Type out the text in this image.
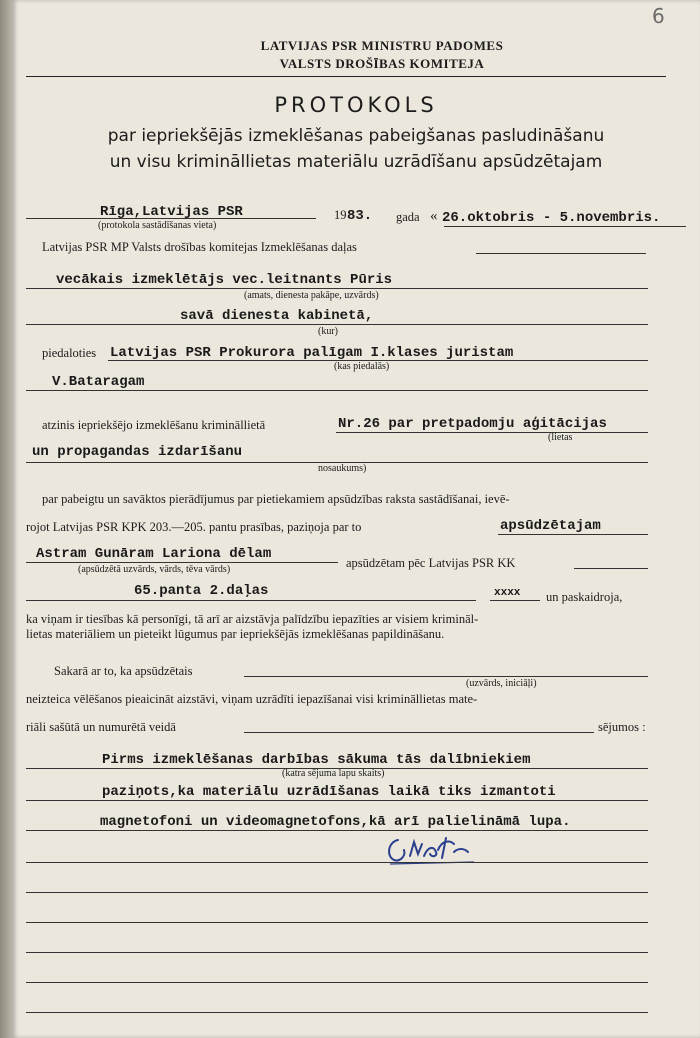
6
LATVIJAS PSR MINISTRU PADOMES
VALSTS DROŠĪBAS KOMITEJA
PROTOKOLS
par iepriekšējās izmeklēšanas pabeigšanas pasludināšanu
un visu krimināllietas materiālu uzrādīšanu apsūdzētajam
Rīga,Latvijas PSR
(protokola sastādīšanas vieta)
19 83. gada « 26.oktobris - 5.novembris.
Latvijas PSR MP Valsts drošības komitejas Izmeklēšanas daļas
vecākais izmeklētājs vec.leitnants Pūris
(amats, dienesta pakāpe, uzvārds)
savā dienesta kabinetā,
(kur)
piedaloties Latvijas PSR Prokurora palīgam I.klases juristam
(kas piedalās)
V.Bataragam
atzinis iepriekšējo izmeklēšanu krimināllietā	Nr.26 par pretpadomju aģitācijas
(lietas
un propagandas izdarīšanu
nosaukums)
par pabeigtu un savāktos pierādījumus par pietiekamiem apsūdzības raksta sastādīšanai, ievē-
rojot Latvijas PSR KPK 203.—205. pantu prasības, paziņoja par to	apsūdzētajam
Astram Gunāram Lariona dēlam
(apsūdzētā uzvārds, vārds, tēva vārds)	apsūdzētam pēc Latvijas PSR KK
65.panta 2.daļas	xxxx un paskaidroja,
ka viņam ir tiesības kā personīgi, tā arī ar aizstāvja palīdzību iepazīties ar visiem krimināl-
lietas materiāliem un pieteikt lūgumus par iepriekšējās izmeklēšanas papildināšanu.
Sakarā ar to, ka apsūdzētais
(uzvārds, iniciāļi)
neizteica vēlēšanos pieaicināt aizstāvi, viņam uzrādīti iepazīšanai visi krimināllietas mate-
riāli sašūtā un numurētā veidā	sējumos :
Pirms izmeklēšanas darbības sākuma tās dalībniekiem
(katra sējuma lapu skaits)
paziņots,ka materiālu uzrādīšanas laikā tiks izmantoti
magnetofoni un videomagnetofons,kā arī palielināmā lupa.
